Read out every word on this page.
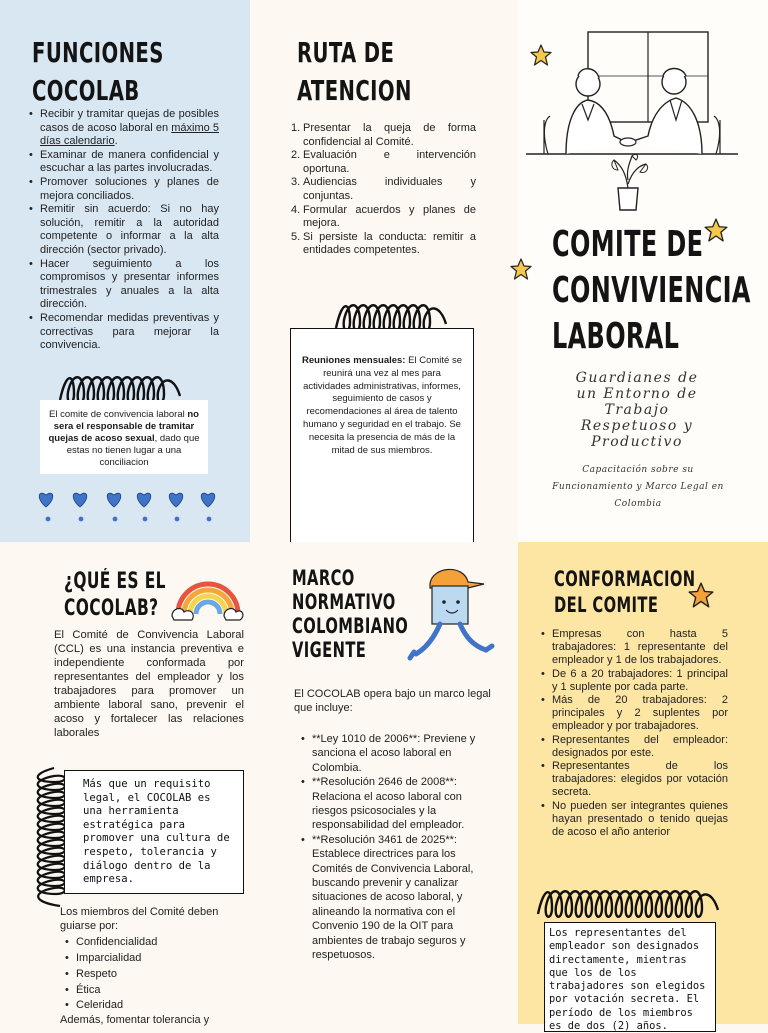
FUNCIONES
COCOLAB
• Recibir y tramitar quejas de posibles casos de acoso laboral en máximo 5 días calendario.
• Examinar de manera confidencial y escuchar a las partes involucradas.
• Promover soluciones y planes de mejora conciliados.
• Remitir sin acuerdo: Si no hay solución, remitir a la autoridad competente o informar a la alta dirección (sector privado).
• Hacer seguimiento a los compromisos y presentar informes trimestrales y anuales a la alta dirección.
• Recomendar medidas preventivas y correctivas para mejorar la convivencia.
El comite de convivencia laboral no sera el responsable de tramitar quejas de acoso sexual, dado que estas no tienen lugar a una conciliacion
RUTA DE
ATENCION
Presentar la queja de forma confidencial al Comité.
Evaluación e intervención oportuna.
Audiencias individuales y conjuntas.
Formular acuerdos y planes de mejora.
Si persiste la conducta: remitir a entidades competentes.
Reuniones mensuales: El Comité se reunirá una vez al mes para actividades administrativas, informes, seguimiento de casos y recomendaciones al área de talento humano y seguridad en el trabajo. Se necesita la presencia de más de la mitad de sus miembros.
COMITE DE
CONVIVIENCIA
LABORAL
Guardianes de
un Entorno de
Trabajo
Respetuoso y
Productivo
Capacitación sobre su
Funcionamiento y Marco Legal en
Colombia
¿QUÉ ES EL
COCOLAB?
El Comité de Convivencia Laboral (CCL) es una instancia preventiva e independiente conformada por representantes del empleador y los trabajadores para promover un ambiente laboral sano, prevenir el acoso y fortalecer las relaciones laborales
Más que un requisito legal, el COCOLAB es una herramienta estratégica para promover una cultura de respeto, tolerancia y diálogo dentro de la empresa.
Los miembros del Comité deben guiarse por:
• Confidencialidad
• Imparcialidad
• Respeto
• Ética
• Celeridad
Además, fomentar tolerancia y
MARCO
NORMATIVO
COLOMBIANO
VIGENTE
El COCOLAB opera bajo un marco legal que incluye:
• **Ley 1010 de 2006**: Previene y sanciona el acoso laboral en Colombia.
• **Resolución 2646 de 2008**: Relaciona el acoso laboral con riesgos psicosociales y la responsabilidad del empleador.
• **Resolución 3461 de 2025**: Establece directrices para los Comités de Convivencia Laboral, buscando prevenir y canalizar situaciones de acoso laboral, y alineando la normativa con el Convenio 190 de la OIT para ambientes de trabajo seguros y respetuosos.
CONFORMACION
DEL COMITE
• Empresas con hasta 5 trabajadores: 1 representante del empleador y 1 de los trabajadores.
• De 6 a 20 trabajadores: 1 principal y 1 suplente por cada parte.
• Más de 20 trabajadores: 2 principales y 2 suplentes por empleador y por trabajadores.
• Representantes del empleador: designados por este.
• Representantes de los trabajadores: elegidos por votación secreta.
• No pueden ser integrantes quienes hayan presentado o tenido quejas de acoso el año anterior
Los representantes del empleador son designados directamente, mientras que los de los trabajadores son elegidos por votación secreta. El período de los miembros es de dos (2) años.
